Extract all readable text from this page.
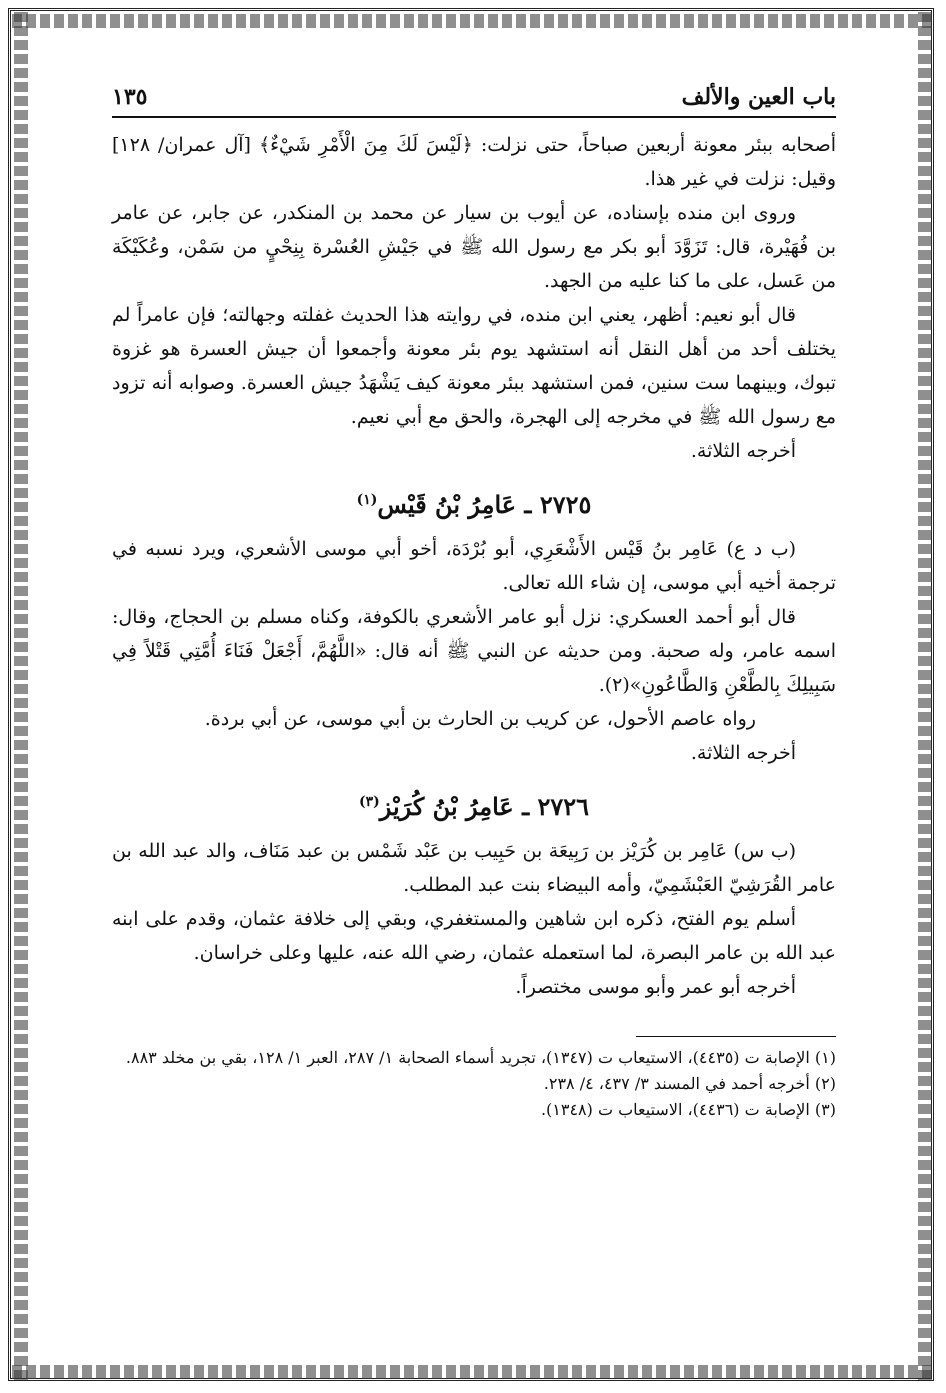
باب العين والألف
١٣٥

أصحابه ببئر معونة أربعين صباحاً، حتى نزلت: ﴿لَيْسَ لَكَ مِنَ الْأَمْرِ شَيْءٌ﴾ [آل عمران/ ١٢٨] وقيل: نزلت في غير هذا.

وروى ابن منده بإسناده، عن أيوب بن سيار عن محمد بن المنكدر، عن جابر، عن عامر بن فُهَيْرة، قال: تَزَوَّدَ أبو بكر مع رسول الله ﷺ في جَيْشِ العُسْرة بِنِحْيٍ من سَمْن، وعُكَيْكَة من عَسل، على ما كنا عليه من الجهد.

قال أبو نعيم: أظهر، يعني ابن منده، في روايته هذا الحديث غفلته وجهالته؛ فإن عامراً لم يختلف أحد من أهل النقل أنه استشهد يوم بئر معونة وأجمعوا أن جيش العسرة هو غزوة تبوك، وبينهما ست سنين، فمن استشهد ببئر معونة كيف يَشْهَدُ جيش العسرة. وصوابه أنه تزود مع رسول الله ﷺ في مخرجه إلى الهجرة، والحق مع أبي نعيم.

أخرجه الثلاثة.

٢٧٢٥ ـ عَامِرُ بْنُ قَيْس$^{(١)}$

(ب د ع) عَامِر بنُ قَيْس الأَشْعَرِي، أبو بُرْدَة، أخو أبي موسى الأشعري، ويرد نسبه في ترجمة أخيه أبي موسى، إن شاء الله تعالى.

قال أبو أحمد العسكري: نزل أبو عامر الأشعري بالكوفة، وكناه مسلم بن الحجاج، وقال: اسمه عامر، وله صحبة. ومن حديثه عن النبي ﷺ أنه قال: «اللَّهُمَّ، أَجْعَلْ فَنَاءَ أُمَّتِي قَتْلاً فِي سَبِيلِكَ بِالطَّعْنِ وَالطَّاعُونِ»(٢).

رواه عاصم الأحول، عن كريب بن الحارث بن أبي موسى، عن أبي بردة.

أخرجه الثلاثة.

٢٧٢٦ ـ عَامِرُ بْنُ كُرَيْز$^{(٣)}$

(ب س) عَامِر بن كُرَيْز بن رَبِيعَة بن حَبِيب بن عَبْد شَمْس بن عبد مَنَاف، والد عبد الله بن عامر القُرَشِيّ العَبْشَمِيّ، وأمه البيضاء بنت عبد المطلب.

أسلم يوم الفتح، ذكره ابن شاهين والمستغفري، وبقي إلى خلافة عثمان، وقدم على ابنه عبد الله بن عامر البصرة، لما استعمله عثمان، رضي الله عنه، عليها وعلى خراسان.

أخرجه أبو عمر وأبو موسى مختصراً.

(١) الإصابة ت (٤٤٣٥)، الاستيعاب ت (١٣٤٧)، تجريد أسماء الصحابة ١/ ٢٨٧، العبر ١/ ١٢٨، بقي بن مخلد ٨٨٣.

(٢) أخرجه أحمد في المسند ٣/ ٤٣٧، ٤/ ٢٣٨.

(٣) الإصابة ت (٤٤٣٦)، الاستيعاب ت (١٣٤٨).
